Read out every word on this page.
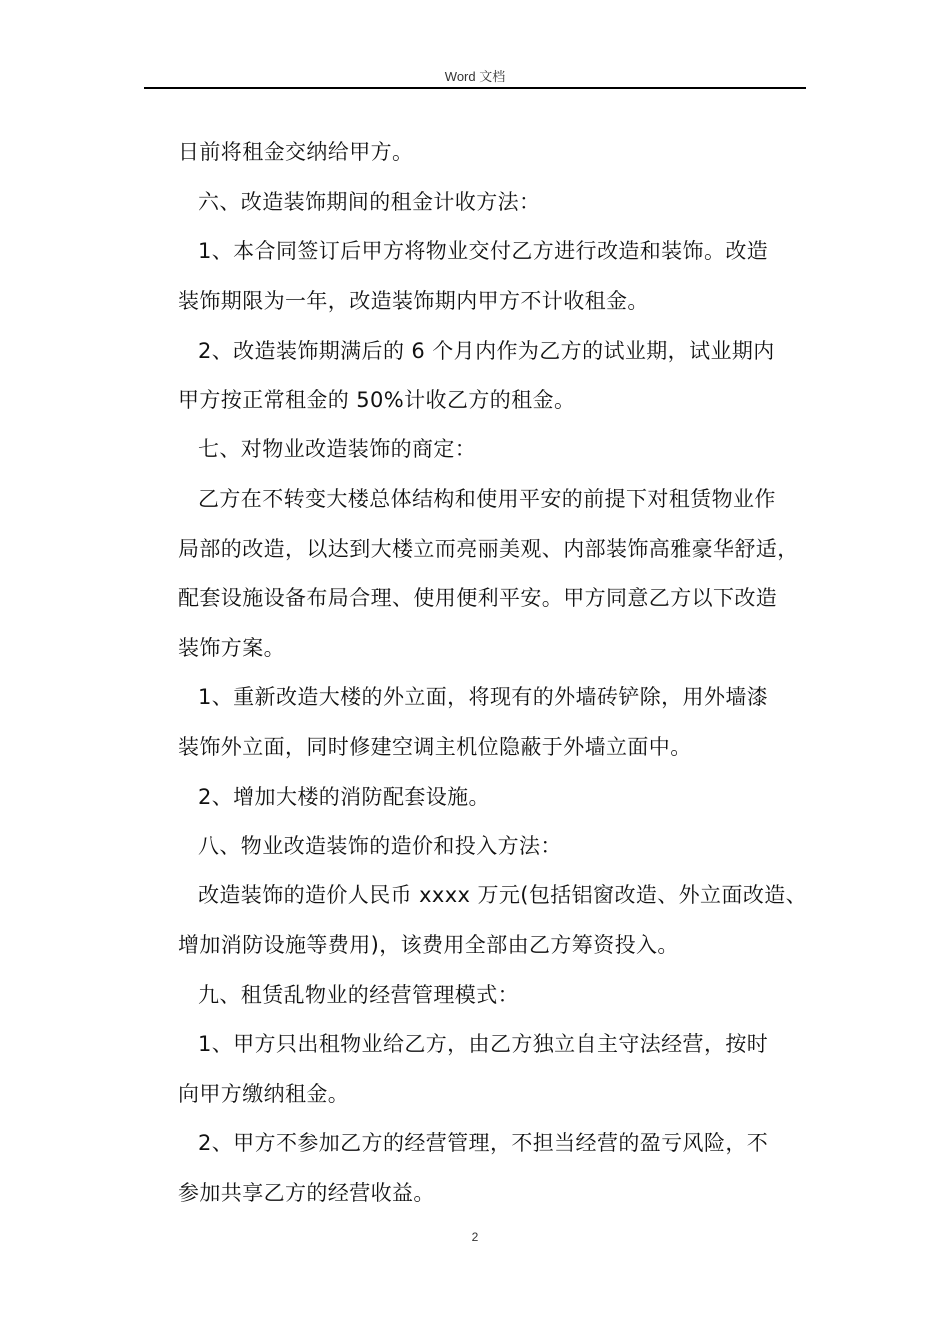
Word 文档
日前将租金交纳给甲方。
六、改造装饰期间的租金计收方法：
1、本合同签订后甲方将物业交付乙方进行改造和装饰。改造
装饰期限为一年，改造装饰期内甲方不计收租金。
2、改造装饰期满后的 6 个月内作为乙方的试业期，试业期内
甲方按正常租金的 50%计收乙方的租金。
七、对物业改造装饰的商定：
乙方在不转变大楼总体结构和使用平安的前提下对租赁物业作
局部的改造，以达到大楼立而亮丽美观、内部装饰高雅豪华舒适，
配套设施设备布局合理、使用便利平安。甲方同意乙方以下改造
装饰方案。
1、重新改造大楼的外立面，将现有的外墙砖铲除，用外墙漆
装饰外立面，同时修建空调主机位隐蔽于外墙立面中。
2、增加大楼的消防配套设施。
八、物业改造装饰的造价和投入方法：
改造装饰的造价人民币 xxxx 万元(包括铝窗改造、外立面改造、
增加消防设施等费用)，该费用全部由乙方筹资投入。
九、租赁乱物业的经营管理模式：
1、甲方只出租物业给乙方，由乙方独立自主守法经营，按时
向甲方缴纳租金。
2、甲方不参加乙方的经营管理，不担当经营的盈亏风险，不
参加共享乙方的经营收益。
2
